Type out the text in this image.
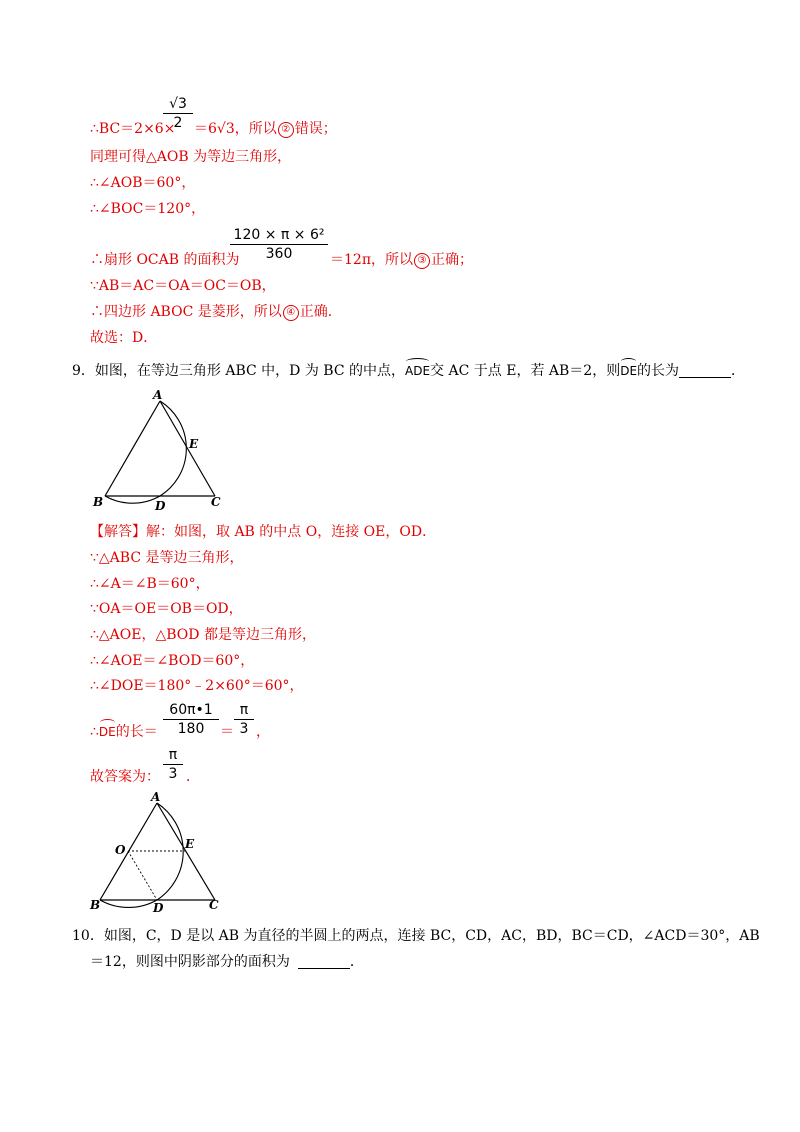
∴BC＝2×6×
$\frac{√3}{2} =6√3$，所以 ② 错误；
同理可得△AOB 为等边三角形，
∴∠AOB＝60°，
∴∠BOC＝120°，
∴扇形 OCAB 的面积为
$\frac{\text{120 × π × 6²}}{360} =12\pi$，所以 ③ 正确；
∵AB＝AC＝OA＝OC＝OB，
∴四边形 ABOC 是菱形，所以 ④ 正确．
故选：D．
9．如图，在等边三角形 ABC 中，D 为 BC 的中点，ADE交 AC 于点 E，若 AB＝2，则DE的长为	．
A
E
B	D	C
【解答】解：如图，取 AB 的中点 O，连接 OE，OD．
∵△ABC 是等边三角形，
∴∠A＝∠B＝60°，
∵OA＝OE＝OB＝OD，
∴△AOE，△BOD 都是等边三角形，
∴∠AOE＝∠BOD＝60°，
∴∠DOE＝180°﹣2×60°＝60°，
∴DE的长＝ $\frac{60\pi•1}{180} = \frac{\pi}{3}$ ，
故答案为： $\frac{\pi}{3}$ ．
A
O	E
B	D	C
10．如图，C，D 是以 AB 为直径的半圆上的两点，连接 BC，CD，AC，BD，BC＝CD，∠ACD＝30°，AB
＝12，则图中阴影部分的面积为	．
